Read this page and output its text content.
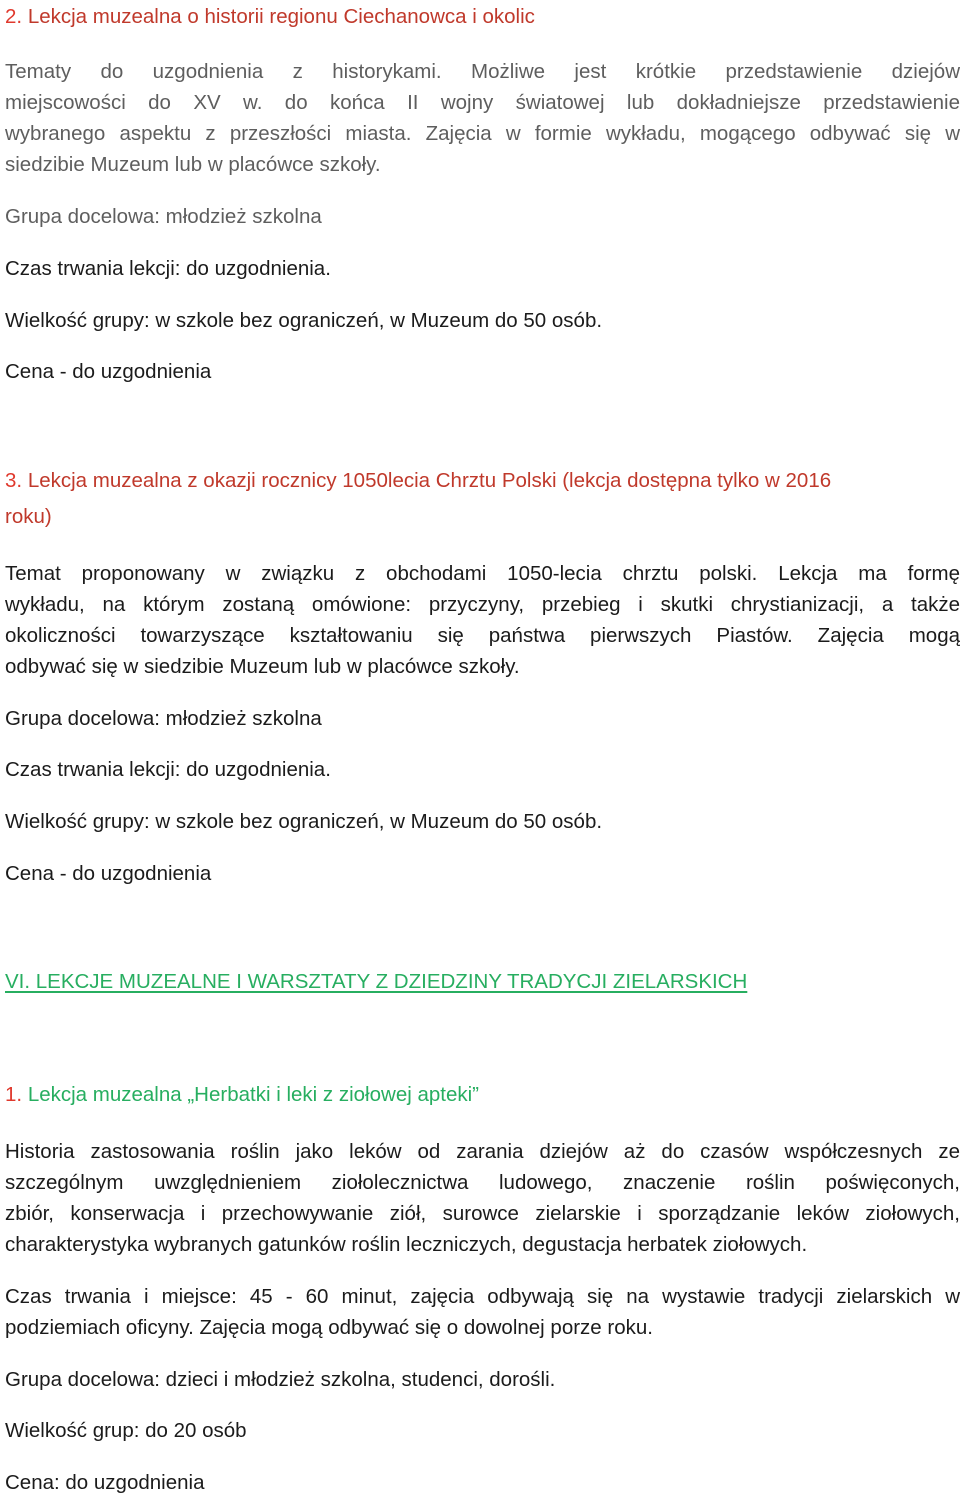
2. Lekcja muzealna o historii regionu Ciechanowca i okolic

Tematy do uzgodnienia z historykami. Możliwe jest krótkie przedstawienie dziejów

miejscowości do XV w. do końca II wojny światowej lub dokładniejsze przedstawienie

wybranego aspektu z przeszłości miasta. Zajęcia w formie wykładu, mogącego odbywać się w

siedzibie Muzeum lub w placówce szkoły.

Grupa docelowa: młodzież szkolna

Czas trwania lekcji: do uzgodnienia.

Wielkość grupy: w szkole bez ograniczeń, w Muzeum do 50 osób.

Cena - do uzgodnienia

3. Lekcja muzealna z okazji rocznicy 1050lecia Chrztu Polski (lekcja dostępna tylko w 2016

roku)

Temat proponowany w związku z obchodami 1050-lecia chrztu polski. Lekcja ma formę

wykładu, na którym zostaną omówione: przyczyny, przebieg i skutki chrystianizacji, a także

okoliczności towarzyszące kształtowaniu się państwa pierwszych Piastów. Zajęcia mogą

odbywać się w siedzibie Muzeum lub w placówce szkoły.

Grupa docelowa: młodzież szkolna

Czas trwania lekcji: do uzgodnienia.

Wielkość grupy: w szkole bez ograniczeń, w Muzeum do 50 osób.

Cena - do uzgodnienia

VI. LEKCJE MUZEALNE I WARSZTATY Z DZIEDZINY TRADYCJI ZIELARSKICH

1. Lekcja muzealna „Herbatki i leki z ziołowej apteki”

Historia zastosowania roślin jako leków od zarania dziejów aż do czasów współczesnych ze

szczególnym uwzględnieniem ziołolecznictwa ludowego, znaczenie roślin poświęconych,

zbiór, konserwacja i przechowywanie ziół, surowce zielarskie i sporządzanie leków ziołowych,

charakterystyka wybranych gatunków roślin leczniczych, degustacja herbatek ziołowych.

Czas trwania i miejsce: 45 - 60 minut, zajęcia odbywają się na wystawie tradycji zielarskich w

podziemiach oficyny. Zajęcia mogą odbywać się o dowolnej porze roku.

Grupa docelowa: dzieci i młodzież szkolna, studenci, dorośli.

Wielkość grup: do 20 osób

Cena: do uzgodnienia
